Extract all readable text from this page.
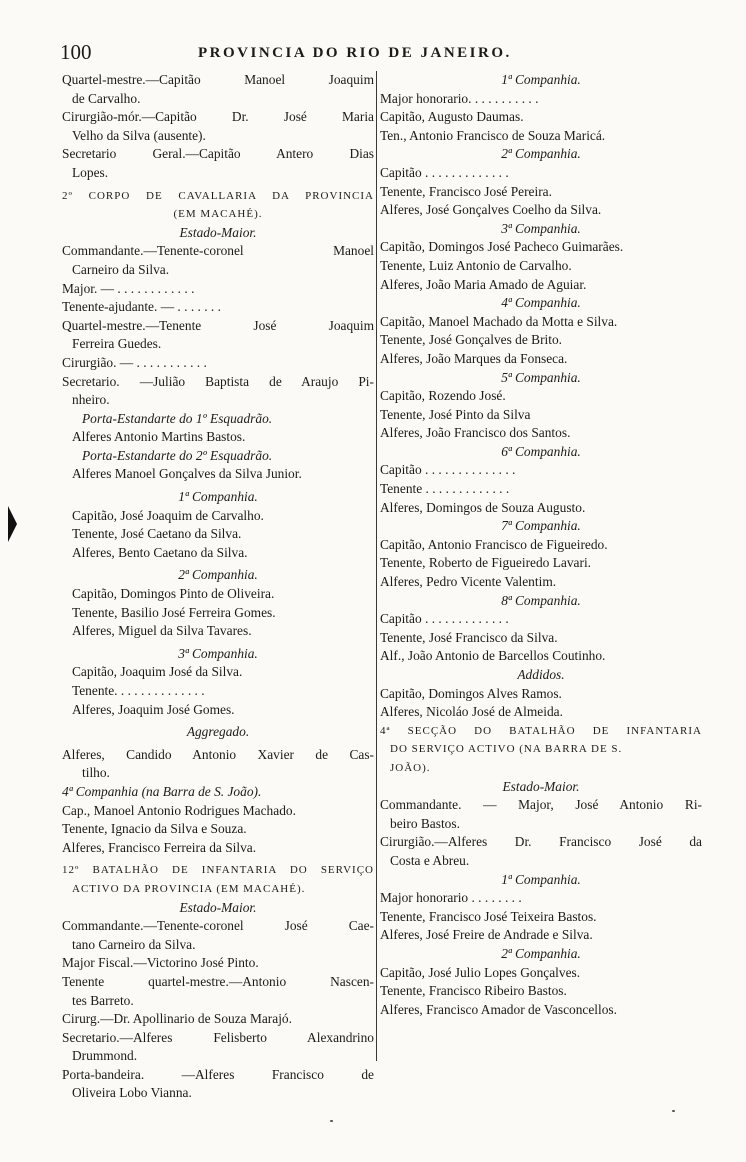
100	PROVINCIA DO RIO DE JANEIRO.
Quartel-mestre.—Capitão Manoel Joaquim
de Carvalho.
Cirurgião-mór.—Capitão Dr. José Maria
Velho da Silva (ausente).
Secretario Geral.—Capitão Antero Dias
Lopes.
2º CORPO DE CAVALLARIA DA PROVINCIA
(EM MACAHÉ).
Estado-Maior.
Commandante.—Tenente-coronel Manoel
Carneiro da Silva.
Major. — . . . . . . . . . . . .
Tenente-ajudante. — . . . . . . .
Quartel-mestre.—Tenente José Joaquim
Ferreira Guedes.
Cirurgião. — . . . . . . . . . . .
Secretario. —Julião Baptista de Araujo Pi-
nheiro.
Porta-Estandarte do 1º Esquadrão.
Alferes Antonio Martins Bastos.
Porta-Estandarte do 2º Esquadrão.
Alferes Manoel Gonçalves da Silva Junior.
1ª Companhia.
Capitão, José Joaquim de Carvalho.
Tenente, José Caetano da Silva.
Alferes, Bento Caetano da Silva.
2ª Companhia.
Capitão, Domingos Pinto de Oliveira.
Tenente, Basilio José Ferreira Gomes.
Alferes, Miguel da Silva Tavares.
3ª Companhia.
Capitão, Joaquim José da Silva.
Tenente. . . . . . . . . . . . . .
Alferes, Joaquim José Gomes.
Aggregado.
Alferes, Candido Antonio Xavier de Cas-
tilho.
4ª Companhia (na Barra de S. João).
Cap., Manoel Antonio Rodrigues Machado.
Tenente, Ignacio da Silva e Souza.
Alferes, Francisco Ferreira da Silva.
12º BATALHÃO DE INFANTARIA DO SERVIÇO
ACTIVO DA PROVINCIA (EM MACAHÉ).
Estado-Maior.
Commandante.—Tenente-coronel José Cae-
tano Carneiro da Silva.
Major Fiscal.—Victorino José Pinto.
Tenente quartel-mestre.—Antonio Nascen-
tes Barreto.
Cirurg.—Dr. Apollinario de Souza Marajó.
Secretario.—Alferes Felisberto Alexandrino
Drummond.
Porta-bandeira. —Alferes Francisco de
Oliveira Lobo Vianna.
1ª Companhia.
Major honorario. . . . . . . . . . .
Capitão, Augusto Daumas.
Ten., Antonio Francisco de Souza Maricá.
2ª Companhia.
Capitão . . . . . . . . . . . . .
Tenente, Francisco José Pereira.
Alferes, José Gonçalves Coelho da Silva.
3ª Companhia.
Capitão, Domingos José Pacheco Guimarães.
Tenente, Luiz Antonio de Carvalho.
Alferes, João Maria Amado de Aguiar.
4ª Companhia.
Capitão, Manoel Machado da Motta e Silva.
Tenente, José Gonçalves de Brito.
Alferes, João Marques da Fonseca.
5ª Companhia.
Capitão, Rozendo José.
Tenente, José Pinto da Silva
Alferes, João Francisco dos Santos.
6ª Companhia.
Capitão . . . . . . . . . . . . . .
Tenente . . . . . . . . . . . . .
Alferes, Domingos de Souza Augusto.
7ª Companhia.
Capitão, Antonio Francisco de Figueiredo.
Tenente, Roberto de Figueiredo Lavari.
Alferes, Pedro Vicente Valentim.
8ª Companhia.
Capitão . . . . . . . . . . . . .
Tenente, José Francisco da Silva.
Alf., João Antonio de Barcellos Coutinho.
Addidos.
Capitão, Domingos Alves Ramos.
Alferes, Nicoláo José de Almeida.
4ª SECÇÃO DO BATALHÃO DE INFANTARIA
DO SERVIÇO ACTIVO (NA BARRA DE S.
JOÃO).
Estado-Maior.
Commandante. — Major, José Antonio Ri-
beiro Bastos.
Cirurgião.—Alferes Dr. Francisco José da
Costa e Abreu.
1ª Companhia.
Major honorario . . . . . . . .
Tenente, Francisco José Teixeira Bastos.
Alferes, José Freire de Andrade e Silva.
2ª Companhia.
Capitão, José Julio Lopes Gonçalves.
Tenente, Francisco Ribeiro Bastos.
Alferes, Francisco Amador de Vasconcellos.
